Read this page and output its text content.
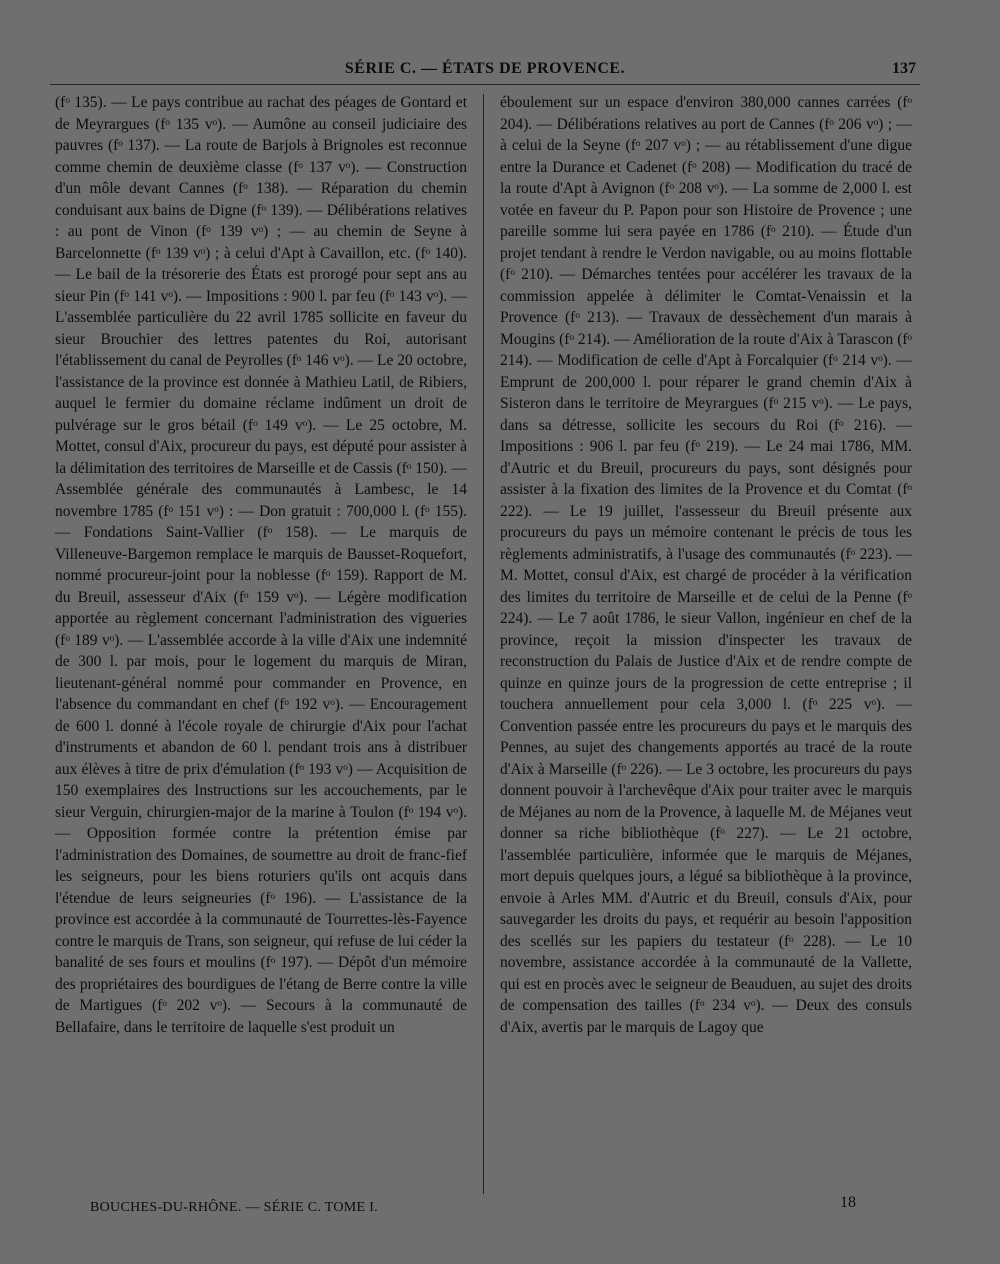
SÉRIE C. — ÉTATS DE PROVENCE.	137
(fᵒ 135). — Le pays contribue au rachat des péages de Gontard et de Meyrargues (fᵒ 135 vᵒ). — Aumône au conseil judiciaire des pauvres (fᵒ 137). — La route de Barjols à Brignoles est reconnue comme chemin de deuxième classe (fᵒ 137 vᵒ). — Construction d'un môle devant Cannes (fᵒ 138). — Réparation du chemin conduisant aux bains de Digne (fᵒ 139). — Délibérations relatives : au pont de Vinon (fᵒ 139 vᵒ) ; — au chemin de Seyne à Barcelonnette (fᵒ 139 vᵒ) ; à celui d'Apt à Cavaillon, etc. (fᵒ 140). — Le bail de la trésorerie des États est prorogé pour sept ans au sieur Pin (fᵒ 141 vᵒ). — Impositions : 900 l. par feu (fᵒ 143 vᵒ). — L'assemblée particulière du 22 avril 1785 sollicite en faveur du sieur Brouchier des lettres patentes du Roi, autorisant l'établissement du canal de Peyrolles (fᵒ 146 vᵒ). — Le 20 octobre, l'assistance de la province est donnée à Mathieu Latil, de Ribiers, auquel le fermier du domaine réclame indûment un droit de pulvérage sur le gros bétail (fᵒ 149 vᵒ). — Le 25 octobre, M. Mottet, consul d'Aix, procureur du pays, est député pour assister à la délimitation des territoires de Marseille et de Cassis (fᵒ 150). — Assemblée générale des communautés à Lambesc, le 14 novembre 1785 (fᵒ 151 vᵒ) : — Don gratuit : 700,000 l. (fᵒ 155). — Fondations Saint-Vallier (fᵒ 158). — Le marquis de Villeneuve-Bargemon remplace le marquis de Bausset-Roquefort, nommé procureur-joint pour la noblesse (fᵒ 159). Rapport de M. du Breuil, assesseur d'Aix (fᵒ 159 vᵒ). — Légère modification apportée au règlement concernant l'administration des vigueries (fᵒ 189 vᵒ). — L'assemblée accorde à la ville d'Aix une indemnité de 300 l. par mois, pour le logement du marquis de Miran, lieutenant-général nommé pour commander en Provence, en l'absence du commandant en chef (fᵒ 192 vᵒ). — Encouragement de 600 l. donné à l'école royale de chirurgie d'Aix pour l'achat d'instruments et abandon de 60 l. pendant trois ans à distribuer aux élèves à titre de prix d'émulation (fᵒ 193 vᵒ) — Acquisition de 150 exemplaires des Instructions sur les accouchements, par le sieur Verguin, chirurgien-major de la marine à Toulon (fᵒ 194 vᵒ). — Opposition formée contre la prétention émise par l'administration des Domaines, de soumettre au droit de franc-fief les seigneurs, pour les biens roturiers qu'ils ont acquis dans l'étendue de leurs seigneuries (fᵒ 196). — L'assistance de la province est accordée à la communauté de Tourrettes-lès-Fayence contre le marquis de Trans, son seigneur, qui refuse de lui céder la banalité de ses fours et moulins (fᵒ 197). — Dépôt d'un mémoire des propriétaires des bourdigues de l'étang de Berre contre la ville de Martigues (fᵒ 202 vᵒ). — Secours à la communauté de Bellafaire, dans le territoire de laquelle s'est produit un
éboulement sur un espace d'environ 380,000 cannes carrées (fᵒ 204). — Délibérations relatives au port de Cannes (fᵒ 206 vᵒ) ; — à celui de la Seyne (fᵒ 207 vᵒ) ; — au rétablissement d'une digue entre la Durance et Cadenet (fᵒ 208) — Modification du tracé de la route d'Apt à Avignon (fᵒ 208 vᵒ). — La somme de 2,000 l. est votée en faveur du P. Papon pour son Histoire de Provence ; une pareille somme lui sera payée en 1786 (fᵒ 210). — Étude d'un projet tendant à rendre le Verdon navigable, ou au moins flottable (fᵒ 210). — Démarches tentées pour accélérer les travaux de la commission appelée à délimiter le Comtat-Venaissin et la Provence (fᵒ 213). — Travaux de dessèchement d'un marais à Mougins (fᵒ 214). — Amélioration de la route d'Aix à Tarascon (fᵒ 214). — Modification de celle d'Apt à Forcalquier (fᵒ 214 vᵒ). — Emprunt de 200,000 l. pour réparer le grand chemin d'Aix à Sisteron dans le territoire de Meyrargues (fᵒ 215 vᵒ). — Le pays, dans sa détresse, sollicite les secours du Roi (fᵒ 216). — Impositions : 906 l. par feu (fᵒ 219). — Le 24 mai 1786, MM. d'Autric et du Breuil, procureurs du pays, sont désignés pour assister à la fixation des limites de la Provence et du Comtat (fᵒ 222). — Le 19 juillet, l'assesseur du Breuil présente aux procureurs du pays un mémoire contenant le précis de tous les règlements administratifs, à l'usage des communautés (fᵒ 223). — M. Mottet, consul d'Aix, est chargé de procéder à la vérification des limites du territoire de Marseille et de celui de la Penne (fᵒ 224). — Le 7 août 1786, le sieur Vallon, ingénieur en chef de la province, reçoit la mission d'inspecter les travaux de reconstruction du Palais de Justice d'Aix et de rendre compte de quinze en quinze jours de la progression de cette entreprise ; il touchera annuellement pour cela 3,000 l. (fᵒ 225 vᵒ). — Convention passée entre les procureurs du pays et le marquis des Pennes, au sujet des changements apportés au tracé de la route d'Aix à Marseille (fᵒ 226). — Le 3 octobre, les procureurs du pays donnent pouvoir à l'archevêque d'Aix pour traiter avec le marquis de Méjanes au nom de la Provence, à laquelle M. de Méjanes veut donner sa riche bibliothèque (fᵒ 227). — Le 21 octobre, l'assemblée particulière, informée que le marquis de Méjanes, mort depuis quelques jours, a légué sa bibliothèque à la province, envoie à Arles MM. d'Autric et du Breuil, consuls d'Aix, pour sauvegarder les droits du pays, et requérir au besoin l'apposition des scellés sur les papiers du testateur (fᵒ 228). — Le 10 novembre, assistance accordée à la communauté de la Vallette, qui est en procès avec le seigneur de Beauduen, au sujet des droits de compensation des tailles (fᵒ 234 vᵒ). — Deux des consuls d'Aix, avertis par le marquis de Lagoy que
BOUCHES-DU-RHÔNE. — SÉRIE C. TOME I.	18
